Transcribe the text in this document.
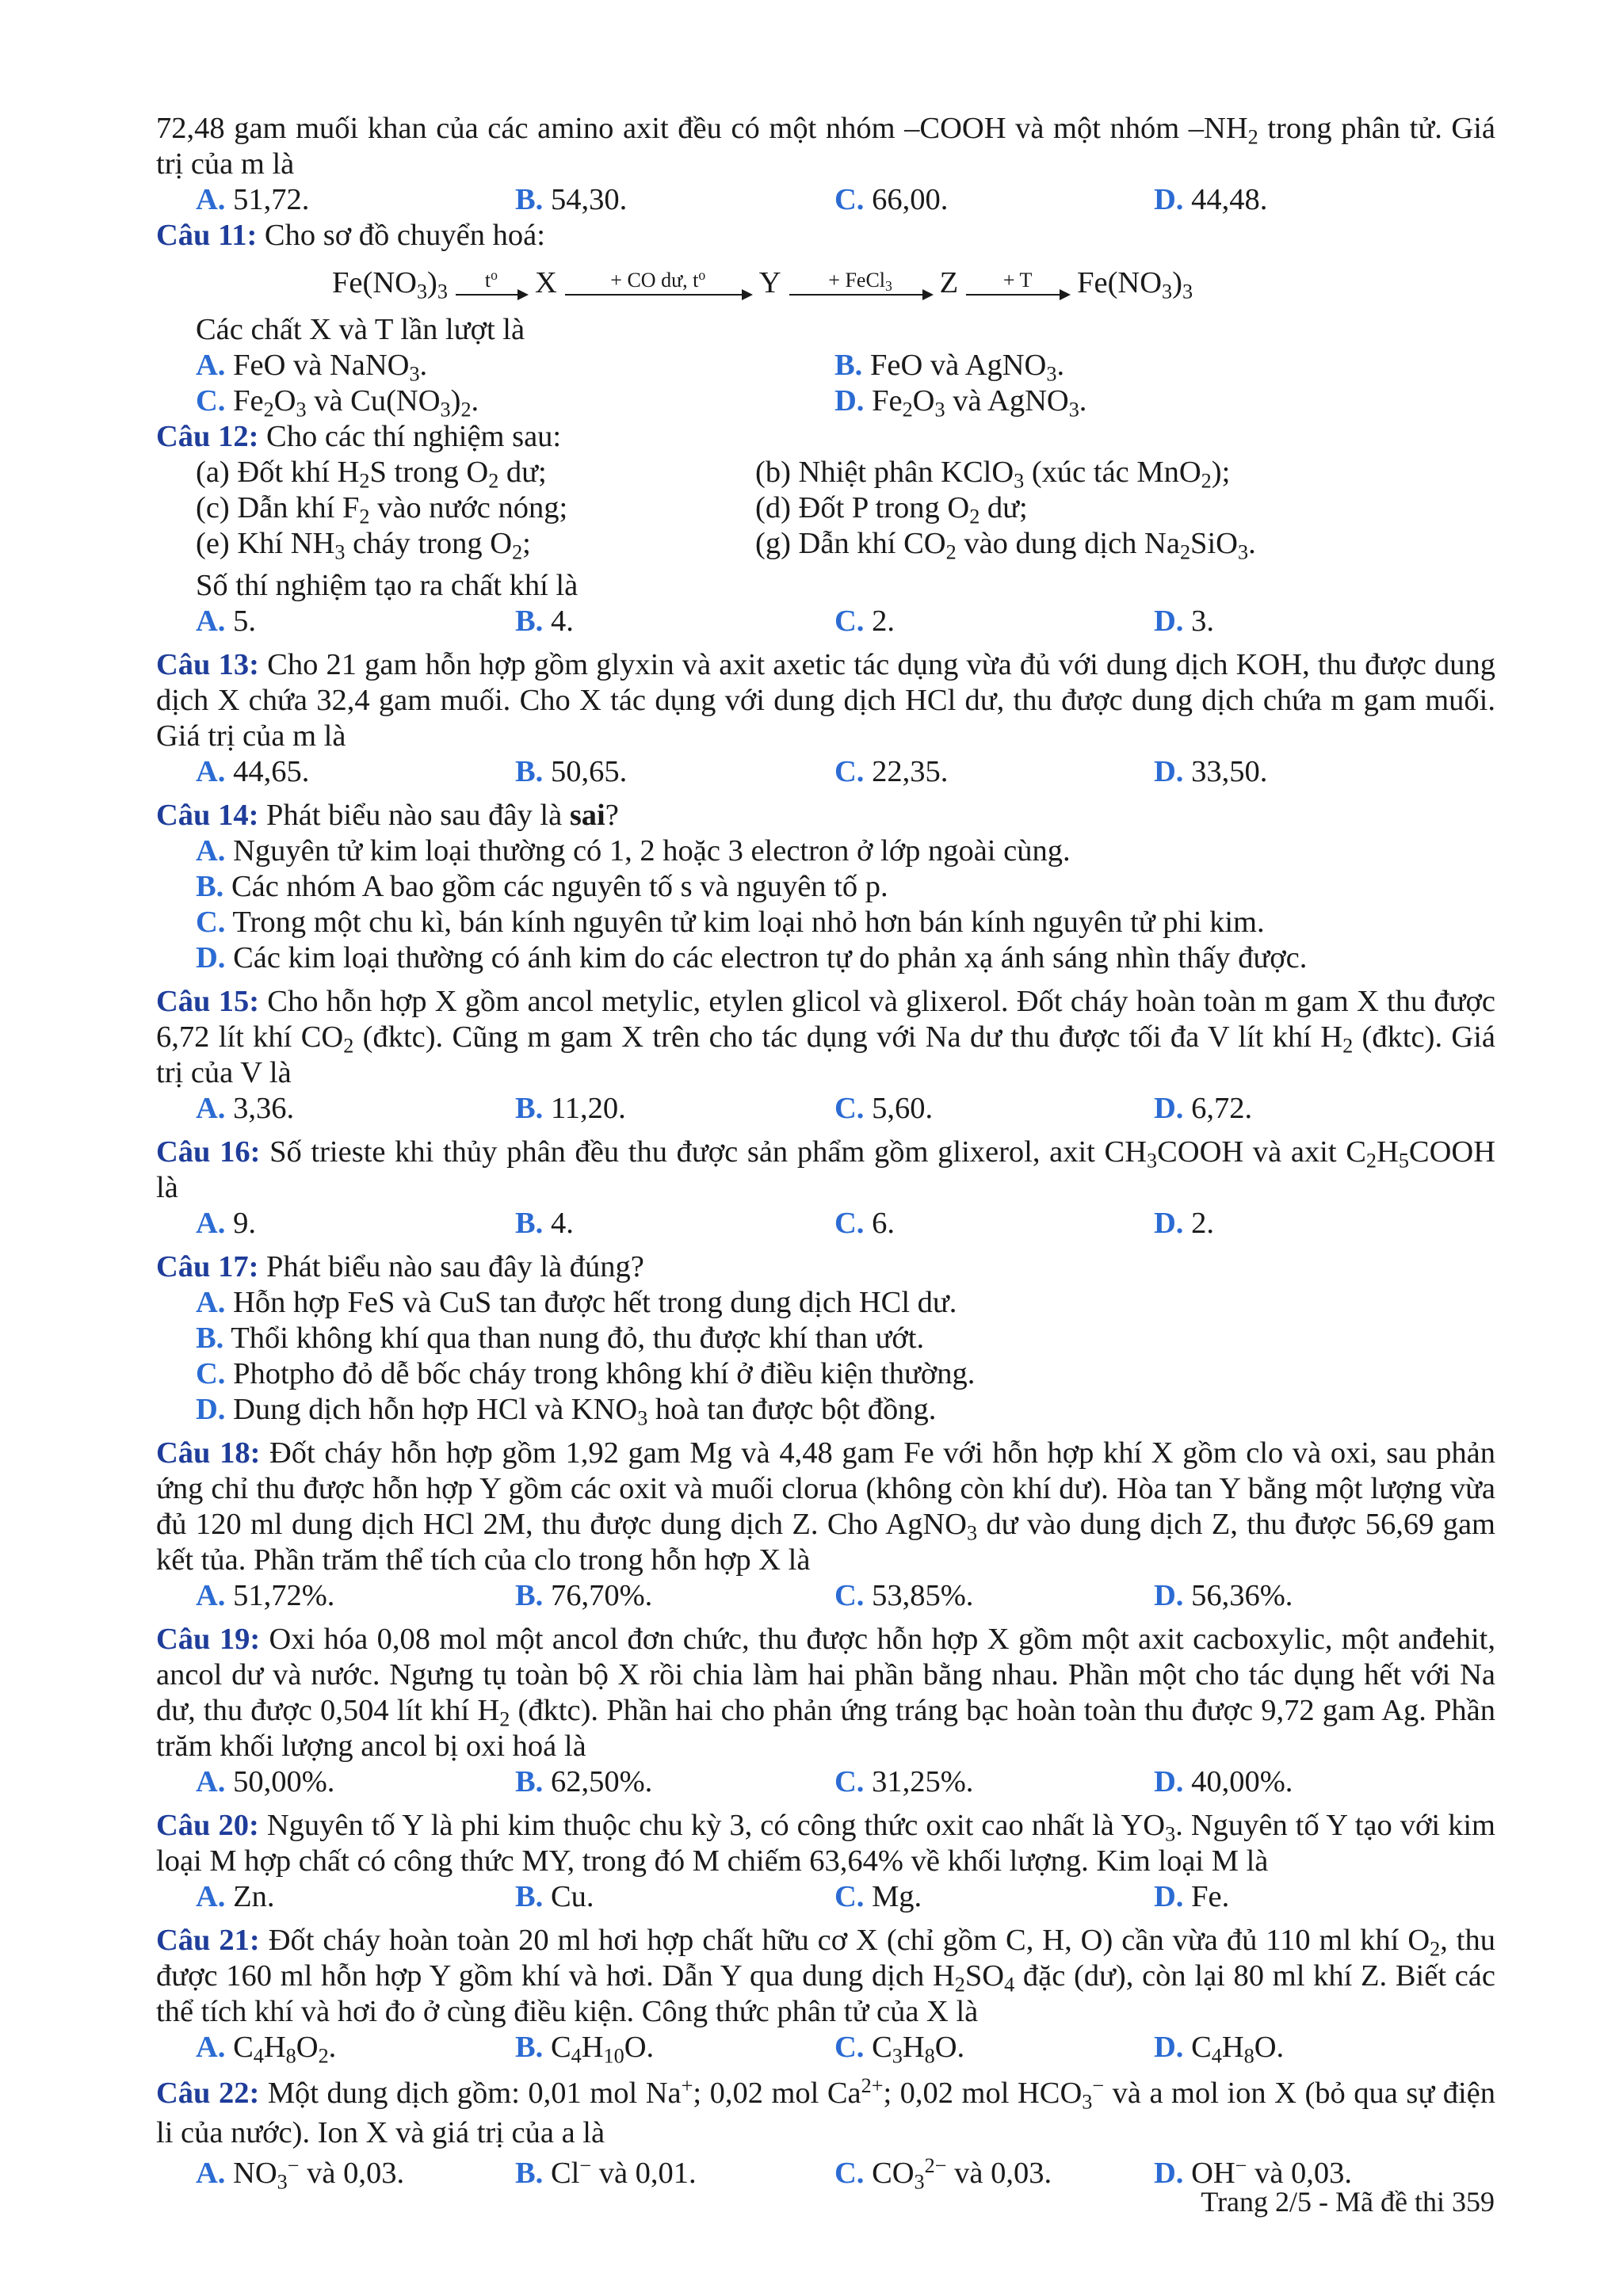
72,48 gam muối khan của các amino axit đều có một nhóm –COOH và một nhóm $-NH_2$ trong phân tử. Giá trị của m là

A. 51,72.	B. 54,30.	C. 66,00.	D. 44,48.

Câu 11: Cho sơ đồ chuyển hoá:

$Fe(NO_3)_3$ $t^o$ X	+ CO dư, $t^o$ Y + FeCl$_3$ Z + T $Fe(NO_3)_3$

Các chất X và T lần lượt là

A. FeO và NaNO$_3$.	B. FeO và AgNO$_3$.
C. $Fe_2O_3$ và $Cu(NO_3)_2$.	D. $Fe_2O_3$ và AgNO$_3$.

Câu 12: Cho các thí nghiệm sau:

(a) Đốt khí $H_2S$ trong $O_2$ dư;	(b) Nhiệt phân KClO$_3$ (xúc tác MnO$_2$);
(c) Dẫn khí $F_2$ vào nước nóng;	(d) Đốt P trong $O_2$ dư;
(e) Khí $NH_3$ cháy trong $O_2$;	(g) Dẫn khí $CO_2$ vào dung dịch $Na_2SiO_3$.

Số thí nghiệm tạo ra chất khí là

A. 5.	B. 4.	C. 2.	D. 3.

Câu 13: Cho 21 gam hỗn hợp gồm glyxin và axit axetic tác dụng vừa đủ với dung dịch KOH, thu được dung dịch X chứa 32,4 gam muối. Cho X tác dụng với dung dịch HCl dư, thu được dung dịch chứa m gam muối. Giá trị của m là

A. 44,65.	B. 50,65.	C. 22,35.	D. 33,50.

Câu 14: Phát biểu nào sau đây là sai?

A. Nguyên tử kim loại thường có 1, 2 hoặc 3 electron ở lớp ngoài cùng.
B. Các nhóm A bao gồm các nguyên tố s và nguyên tố p.
C. Trong một chu kì, bán kính nguyên tử kim loại nhỏ hơn bán kính nguyên tử phi kim.
D. Các kim loại thường có ánh kim do các electron tự do phản xạ ánh sáng nhìn thấy được.

Câu 15: Cho hỗn hợp X gồm ancol metylic, etylen glicol và glixerol. Đốt cháy hoàn toàn m gam X thu được 6,72 lít khí $CO_2$ (đktc). Cũng m gam X trên cho tác dụng với Na dư thu được tối đa V lít khí $H_2$ (đktc). Giá trị của V là

A. 3,36.	B. 11,20.	C. 5,60.	D. 6,72.

Câu 16: Số trieste khi thủy phân đều thu được sản phẩm gồm glixerol, axit $CH_3COOH$ và axit $C_2H_5COOH$ là

A. 9.	B. 4.	C. 6.	D. 2.

Câu 17: Phát biểu nào sau đây là đúng?

A. Hỗn hợp FeS và CuS tan được hết trong dung dịch HCl dư.
B. Thổi không khí qua than nung đỏ, thu được khí than ướt.
C. Photpho đỏ dễ bốc cháy trong không khí ở điều kiện thường.
D. Dung dịch hỗn hợp HCl và $KNO_3$ hoà tan được bột đồng.

Câu 18: Đốt cháy hỗn hợp gồm 1,92 gam Mg và 4,48 gam Fe với hỗn hợp khí X gồm clo và oxi, sau phản ứng chỉ thu được hỗn hợp Y gồm các oxit và muối clorua (không còn khí dư). Hòa tan Y bằng một lượng vừa đủ 120 ml dung dịch HCl 2M, thu được dung dịch Z. Cho AgNO$_3$ dư vào dung dịch Z, thu được 56,69 gam kết tủa. Phần trăm thể tích của clo trong hỗn hợp X là

A. 51,72%.	B. 76,70%.	C. 53,85%.	D. 56,36%.

Câu 19: Oxi hóa 0,08 mol một ancol đơn chức, thu được hỗn hợp X gồm một axit cacboxylic, một anđehit, ancol dư và nước. Ngưng tụ toàn bộ X rồi chia làm hai phần bằng nhau. Phần một cho tác dụng hết với Na dư, thu được 0,504 lít khí $H_2$ (đktc). Phần hai cho phản ứng tráng bạc hoàn toàn thu được 9,72 gam Ag. Phần trăm khối lượng ancol bị oxi hoá là

A. 50,00%.	B. 62,50%.	C. 31,25%.	D. 40,00%.

Câu 20: Nguyên tố Y là phi kim thuộc chu kỳ 3, có công thức oxit cao nhất là $YO_3$. Nguyên tố Y tạo với kim loại M hợp chất có công thức MY, trong đó M chiếm 63,64% về khối lượng. Kim loại M là

A. Zn.	B. Cu.	C. Mg.	D. Fe.

Câu 21: Đốt cháy hoàn toàn 20 ml hơi hợp chất hữu cơ X (chỉ gồm C, H, O) cần vừa đủ 110 ml khí $O_2$, thu được 160 ml hỗn hợp Y gồm khí và hơi. Dẫn Y qua dung dịch $H_2SO_4$ đặc (dư), còn lại 80 ml khí Z. Biết các thể tích khí và hơi đo ở cùng điều kiện. Công thức phân tử của X là

A. $C_4H_8O_2$.	B. $C_4H_{10}O$.	C. $C_3H_8O$.	D. $C_4H_8O$.

Câu 22: Một dung dịch gồm: 0,01 mol Na+; 0,02 mol $Ca^{2+}$; 0,02 mol $HCO_3^-$ và a mol ion X (bỏ qua sự điện li của nước). Ion X và giá trị của a là

A. $NO_3^-$ và 0,03.	B. Cl− và 0,01.	C. $CO_3^{2-}$ và 0,03.	D. OH− và 0,03.
Trang 2/5 - Mã đề thi 359
